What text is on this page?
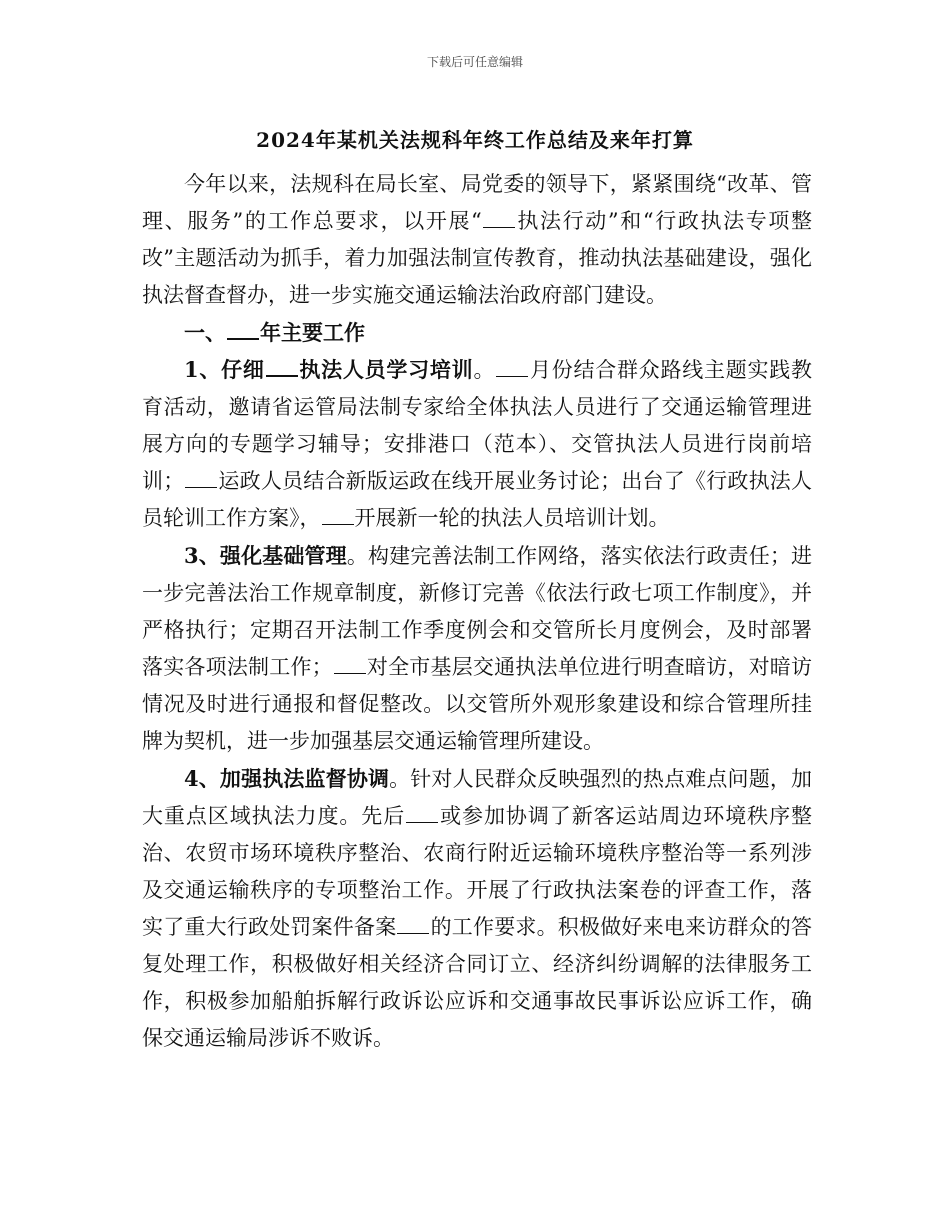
下载后可任意编辑
2024年某机关法规科年终工作总结及来年打算

今年以来，法规科在局长室、局党委的领导下，紧紧围绕“改革、管理、服务”的工作总要求，以开展“ 执法行动”和“行政执法专项整改”主题活动为抓手，着力加强法制宣传教育，推动执法基础建设，强化执法督查督办，进一步实施交通运输法治政府部门建设。

一、 年主要工作

1、仔细 执法人员学习培训。 月份结合群众路线主题实践教育活动，邀请省运管局法制专家给全体执法人员进行了交通运输管理进展方向的专题学习辅导；安排港口（范本）、交管执法人员进行岗前培训； 运政人员结合新版运政在线开展业务讨论；出台了《行政执法人员轮训工作方案》， 开展新一轮的执法人员培训计划。

3、强化基础管理。构建完善法制工作网络，落实依法行政责任；进一步完善法治工作规章制度，新修订完善《依法行政七项工作制度》，并严格执行；定期召开法制工作季度例会和交管所长月度例会，及时部署落实各项法制工作； 对全市基层交通执法单位进行明查暗访，对暗访情况及时进行通报和督促整改。以交管所外观形象建设和综合管理所挂牌为契机，进一步加强基层交通运输管理所建设。

4、加强执法监督协调。针对人民群众反映强烈的热点难点问题，加大重点区域执法力度。先后 或参加协调了新客运站周边环境秩序整治、农贸市场环境秩序整治、农商行附近运输环境秩序整治等一系列涉及交通运输秩序的专项整治工作。开展了行政执法案卷的评查工作，落实了重大行政处罚案件备案 的工作要求。积极做好来电来访群众的答复处理工作，积极做好相关经济合同订立、经济纠纷调解的法律服务工作，积极参加船舶拆解行政诉讼应诉和交通事故民事诉讼应诉工作，确保交通运输局涉诉不败诉。
